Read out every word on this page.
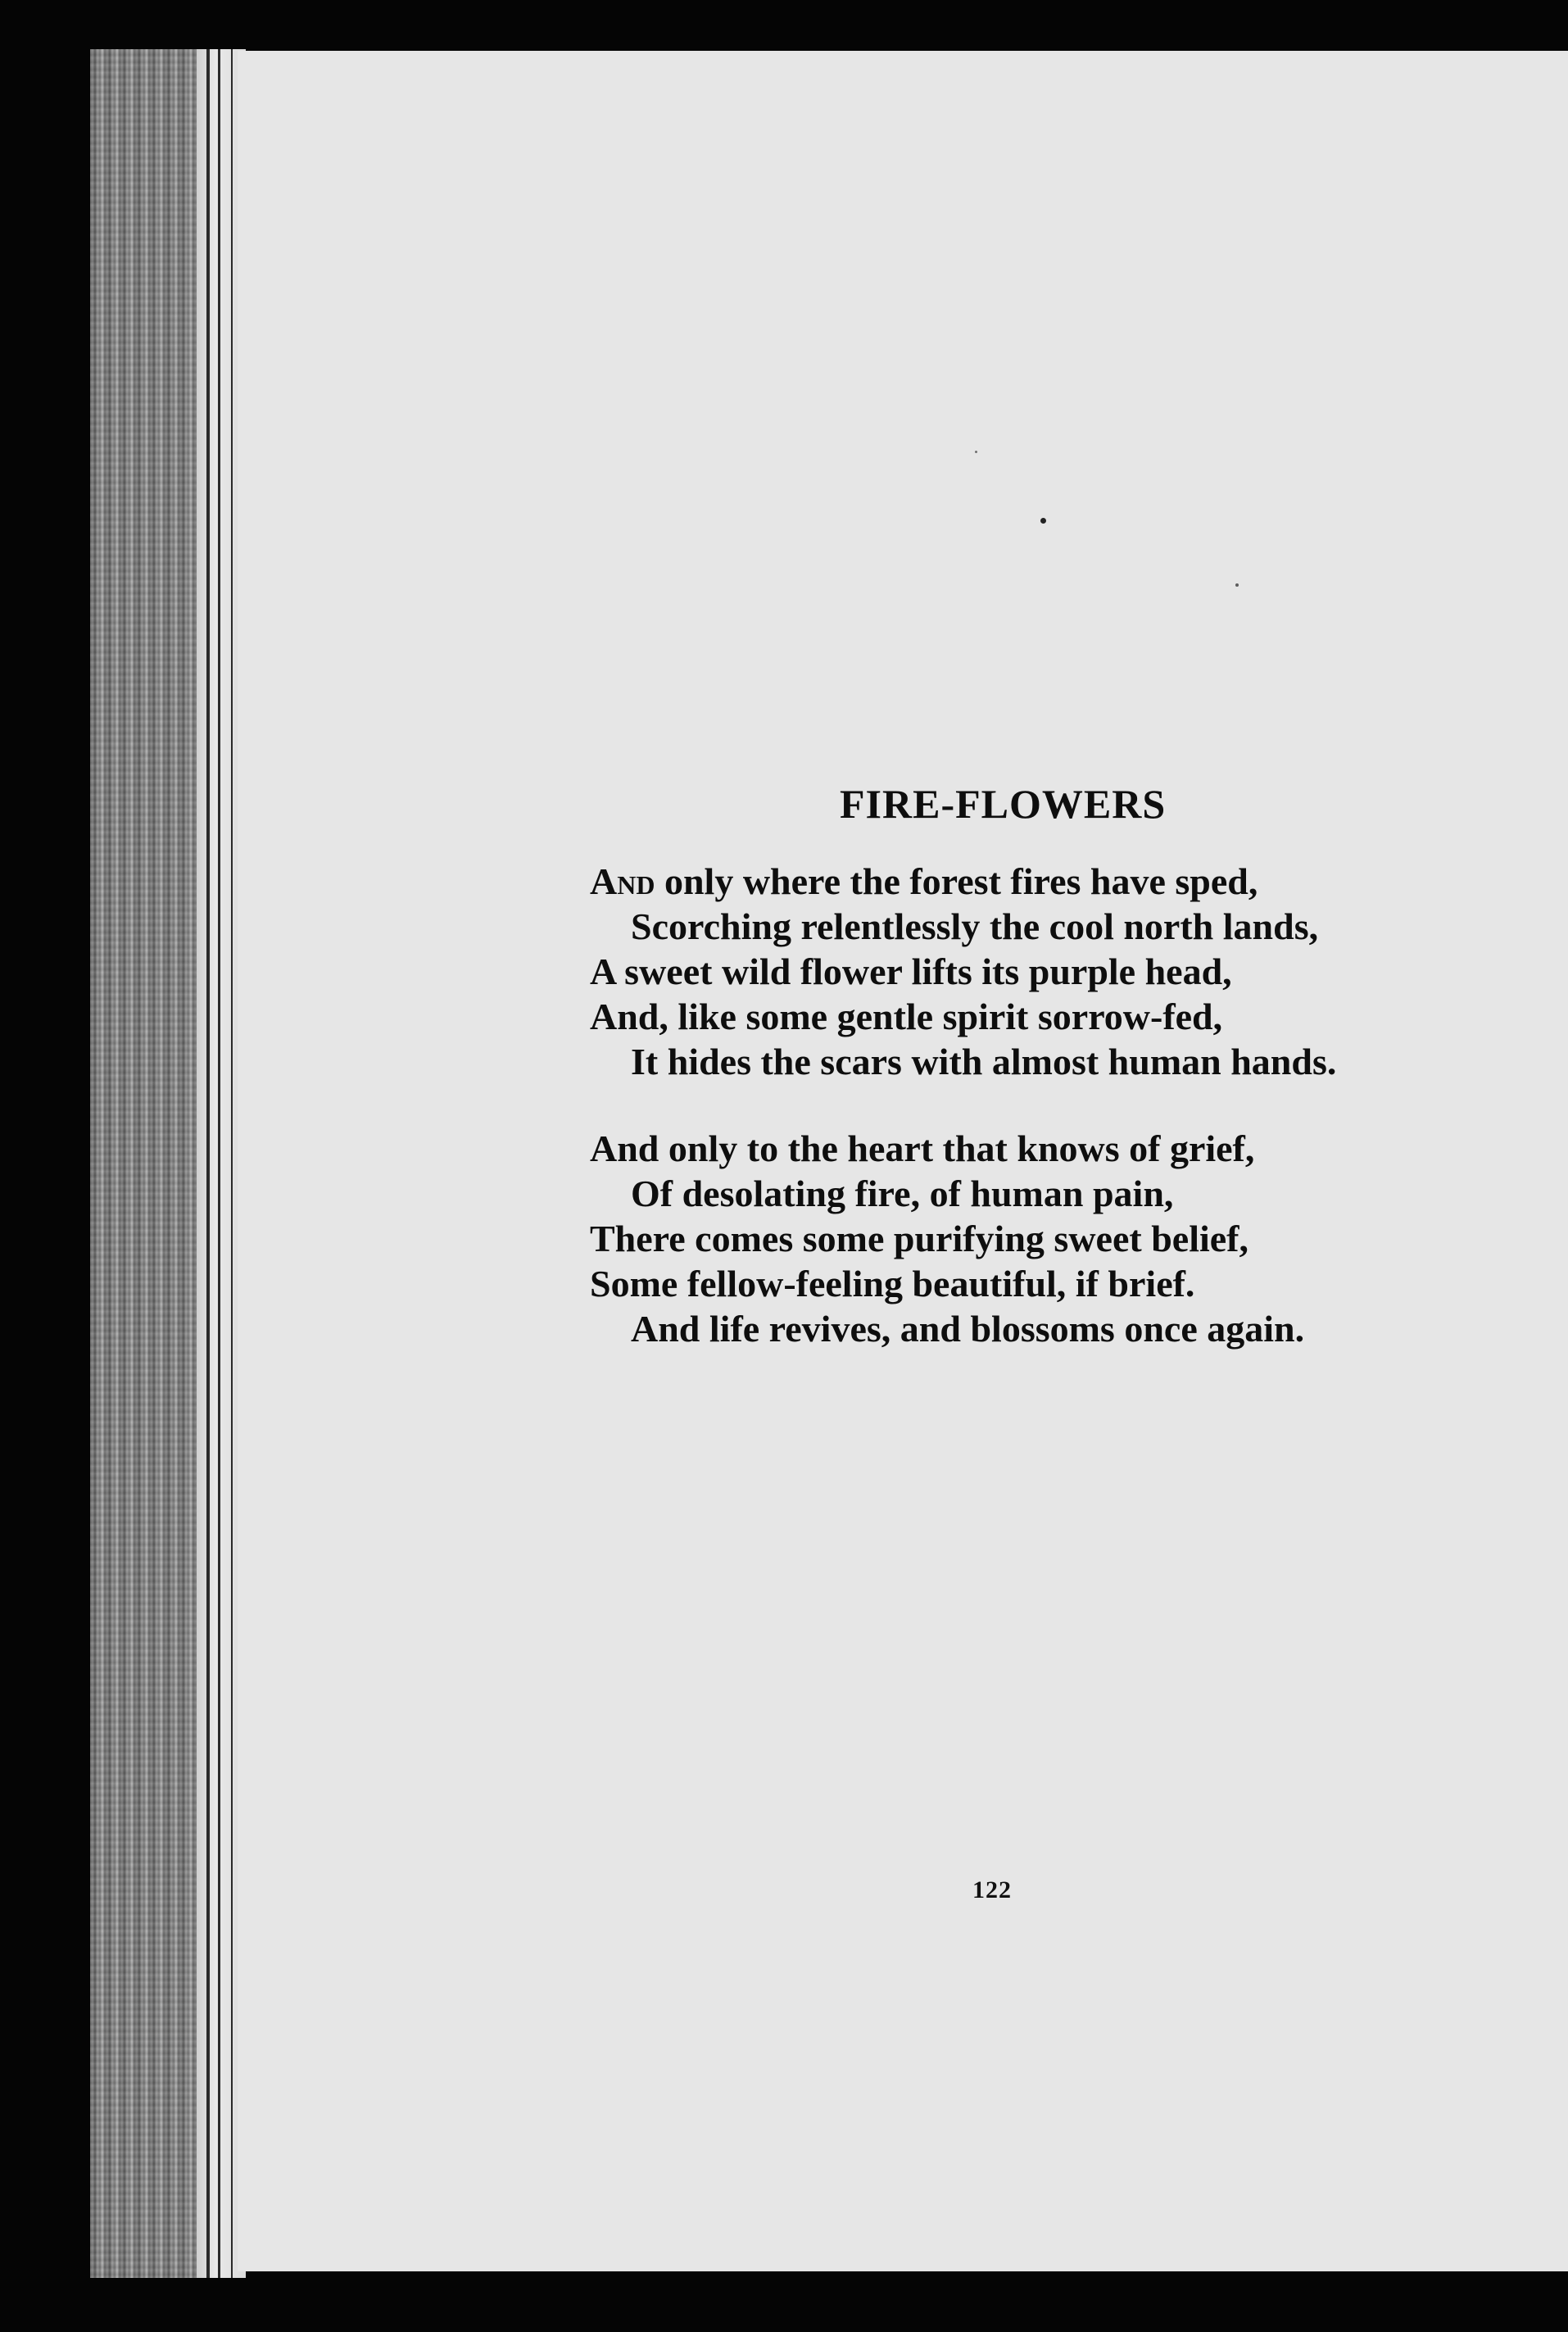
FIRE-FLOWERS
And only where the forest fires have sped,
Scorching relentlessly the cool north lands,
A sweet wild flower lifts its purple head,
And, like some gentle spirit sorrow-fed,
It hides the scars with almost human hands.
And only to the heart that knows of grief,
Of desolating fire, of human pain,
There comes some purifying sweet belief,
Some fellow-feeling beautiful, if brief.
And life revives, and blossoms once again.
122
